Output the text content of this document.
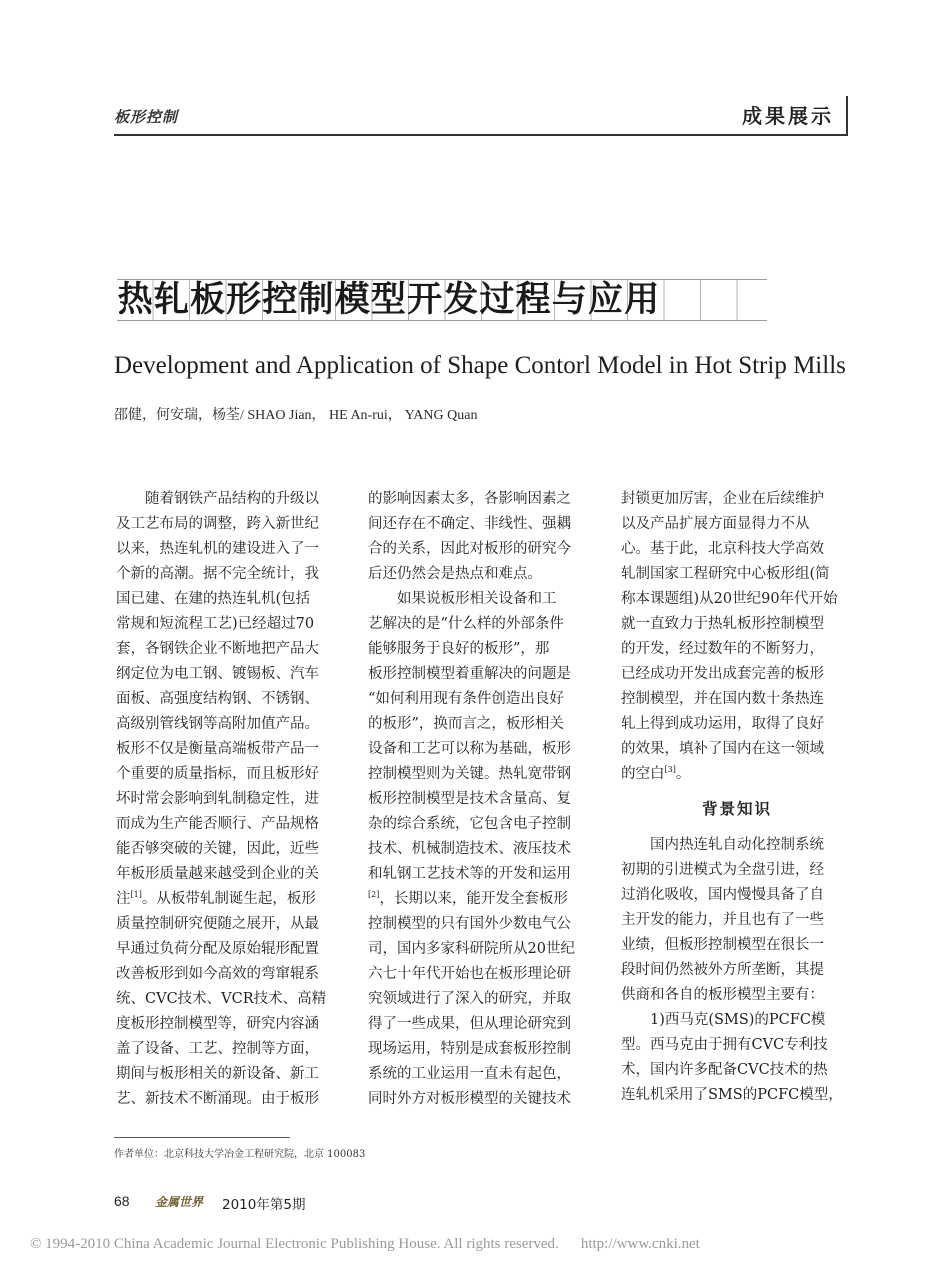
板形控制	成果展示
热轧板形控制模型开发过程与应用
Development and Application of Shape Contorl Model in Hot Strip Mills
邵健，何安瑞，杨荃/ SHAO Jian， HE An-rui， YANG Quan
随着钢铁产品结构的升级以
及工艺布局的调整，跨入新世纪
以来，热连轧机的建设进入了一
个新的高潮。据不完全统计，我
国已建、在建的热连轧机(包括
常规和短流程工艺)已经超过70
套，各钢铁企业不断地把产品大
纲定位为电工钢、镀锡板、汽车
面板、高强度结构钢、不锈钢、
高级别管线钢等高附加值产品。
板形不仅是衡量高端板带产品一
个重要的质量指标，而且板形好
坏时常会影响到轧制稳定性，进
而成为生产能否顺行、产品规格
能否够突破的关键，因此，近些
年板形质量越来越受到企业的关
注[1]。从板带轧制诞生起，板形
质量控制研究便随之展开，从最
早通过负荷分配及原始辊形配置
改善板形到如今高效的弯窜辊系
统、CVC技术、VCR技术、高精
度板形控制模型等，研究内容涵
盖了设备、工艺、控制等方面，
期间与板形相关的新设备、新工
艺、新技术不断涌现。由于板形
的影响因素太多，各影响因素之
间还存在不确定、非线性、强耦
合的关系，因此对板形的研究今
后还仍然会是热点和难点。
如果说板形相关设备和工
艺解决的是“什么样的外部条件
能够服务于良好的板形”，那
板形控制模型着重解决的问题是
“如何利用现有条件创造出良好
的板形”，换而言之，板形相关
设备和工艺可以称为基础，板形
控制模型则为关键。热轧宽带钢
板形控制模型是技术含量高、复
杂的综合系统，它包含电子控制
技术、机械制造技术、液压技术
和轧钢工艺技术等的开发和运用
[2]，长期以来，能开发全套板形
控制模型的只有国外少数电气公
司，国内多家科研院所从20世纪
六七十年代开始也在板形理论研
究领域进行了深入的研究，并取
得了一些成果，但从理论研究到
现场运用，特别是成套板形控制
系统的工业运用一直未有起色，
同时外方对板形模型的关键技术
封锁更加厉害，企业在后续维护
以及产品扩展方面显得力不从
心。基于此，北京科技大学高效
轧制国家工程研究中心板形组(简
称本课题组)从20世纪90年代开始
就一直致力于热轧板形控制模型
的开发，经过数年的不断努力，
已经成功开发出成套完善的板形
控制模型，并在国内数十条热连
轧上得到成功运用，取得了良好
的效果，填补了国内在这一领域
的空白[3]。
背景知识
国内热连轧自动化控制系统
初期的引进模式为全盘引进，经
过消化吸收，国内慢慢具备了自
主开发的能力，并且也有了一些
业绩，但板形控制模型在很长一
段时间仍然被外方所垄断，其提
供商和各自的板形模型主要有：
1)西马克(SMS)的PCFC模
型。西马克由于拥有CVC专利技
术，国内许多配备CVC技术的热
连轧机采用了SMS的PCFC模型，
作者单位：北京科技大学冶金工程研究院，北京 100083
68 金属世界 2010年第5期
© 1994-2010 China Academic Journal Electronic Publishing House. All rights reserved. http://www.cnki.net
